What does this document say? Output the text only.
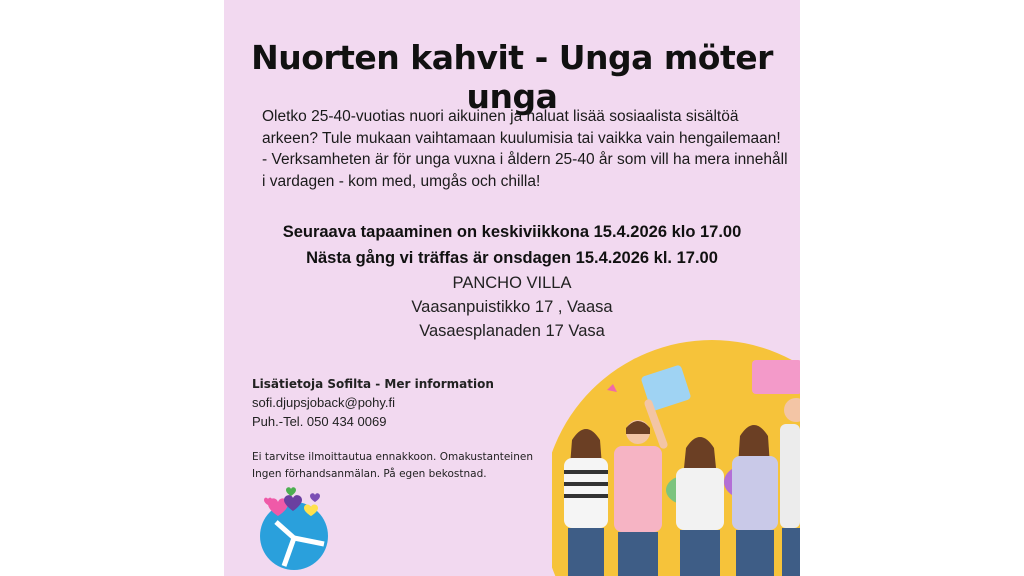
Nuorten kahvit - Unga möter unga

Oletko 25-40-vuotias nuori aikuinen ja haluat lisää sosiaalista sisältöä arkeen? Tule mukaan vaihtamaan kuulumisia tai vaikka vain hengailemaan!

- Verksamheten är för unga vuxna i åldern 25-40 år som vill ha mera innehåll i vardagen - kom med, umgås och chilla!

Seuraava tapaaminen on keskiviikkona 15.4.2026 klo 17.00
Nästa gång vi träffas är onsdagen 15.4.2026 kl. 17.00
PANCHO VILLA
Vaasanpuistikko 17 , Vaasa
Vasaesplanaden 17 Vasa
Lisätietoja Sofilta - Mer information
sofi.djupsjoback@pohy.fi
Puh.-Tel. 050 434 0069
Ei tarvitse ilmoittautua ennakkoon. Omakustanteinen
Ingen förhandsanmälan. På egen bekostnad.
